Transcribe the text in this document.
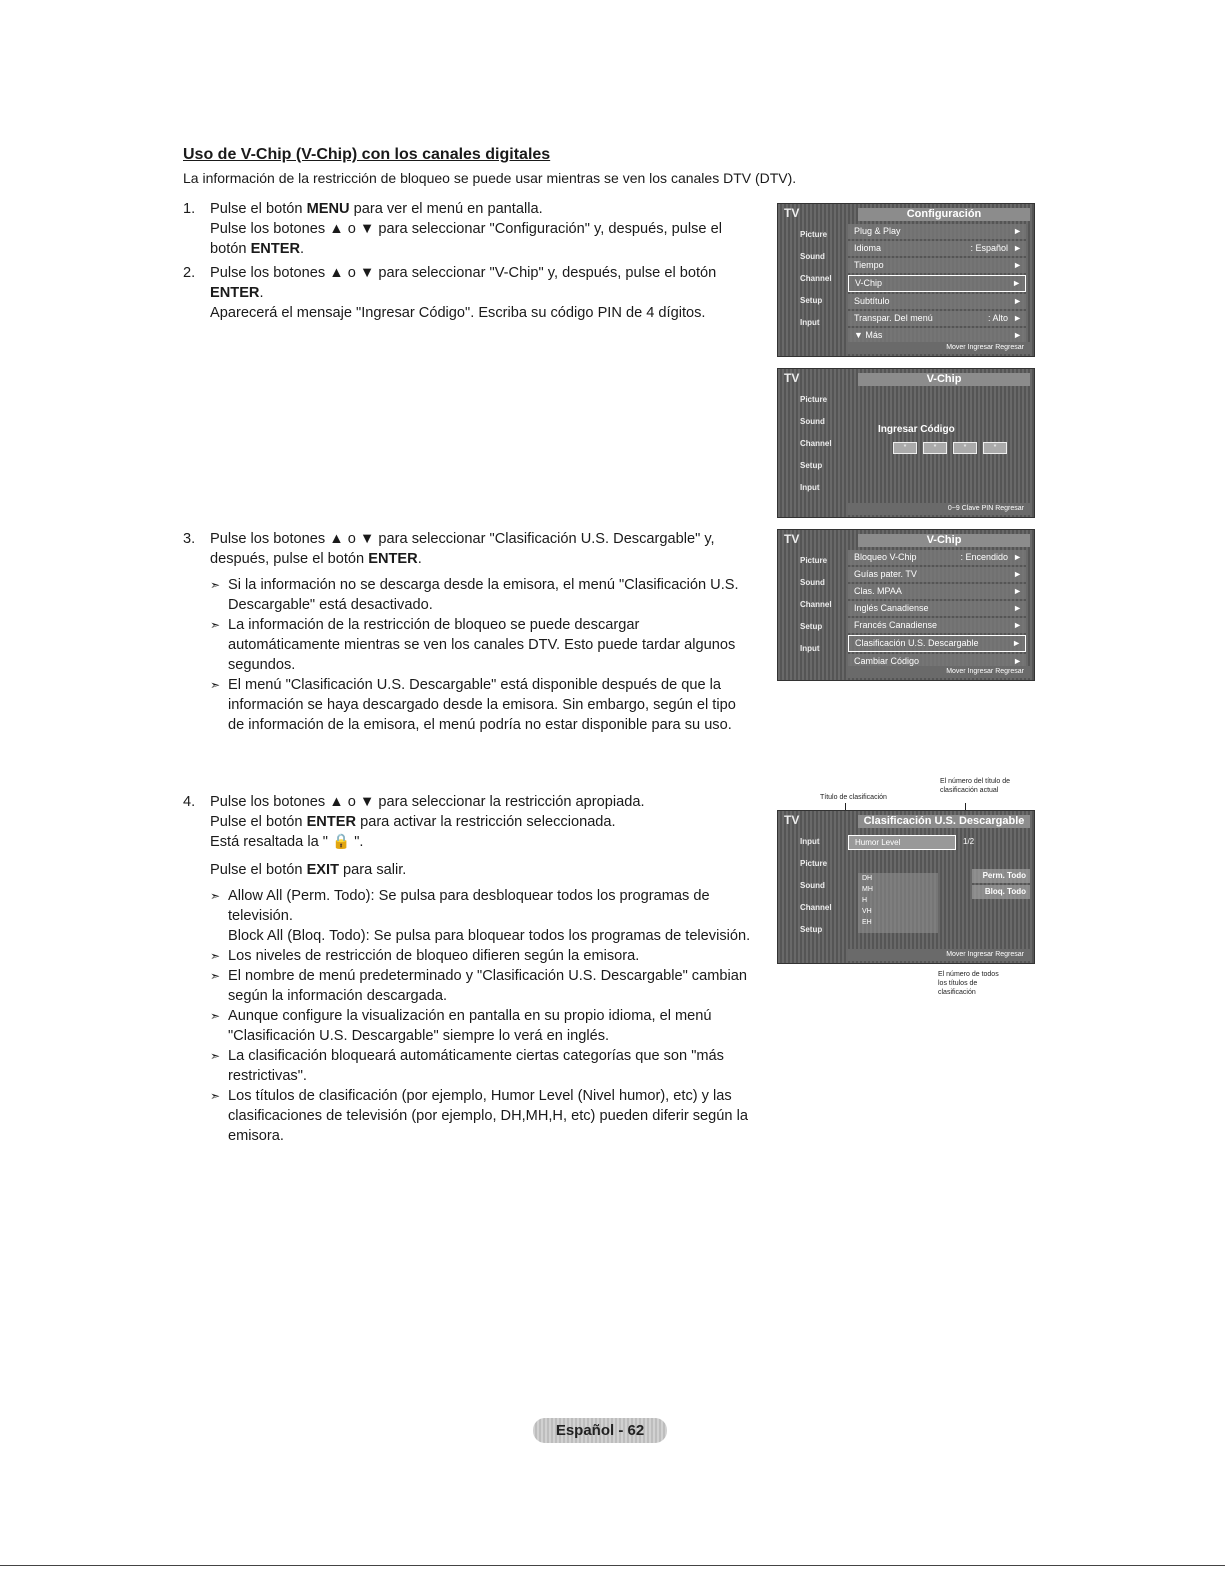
Uso de V-Chip (V-Chip) con los canales digitales
La información de la restricción de bloqueo se puede usar mientras se ven los canales DTV (DTV).
1.	Pulse el botón MENU para ver el menú en pantalla.

Pulse los botones ▲ o ▼ para seleccionar "Configuración" y, después, pulse el botón ENTER.

2.	Pulse los botones ▲ o ▼ para seleccionar "V-Chip" y, después, pulse el botón ENTER.

Aparecerá el mensaje "Ingresar Código". Escriba su código PIN de 4 dígitos.

3.	Pulse los botones ▲ o ▼ para seleccionar "Clasificación U.S. Descargable" y, después, pulse el botón ENTER.

➣ Si la información no se descarga desde la emisora, el menú "Clasificación U.S. Descargable" está desactivado.
➣ La información de la restricción de bloqueo se puede descargar automáticamente mientras se ven los canales DTV. Esto puede tardar algunos segundos.
➣ El menú "Clasificación U.S. Descargable" está disponible después de que la información se haya descargado desde la emisora. Sin embargo, según el tipo de información de la emisora, el menú podría no estar disponible para su uso.
4.	Pulse los botones ▲ o ▼ para seleccionar la restricción apropiada.

Pulse el botón ENTER para activar la restricción seleccionada.

Está resaltada la " 🔒 ".

Pulse el botón EXIT para salir.

➣ Allow All (Perm. Todo): Se pulsa para desbloquear todos los programas de televisión.
Block All (Bloq. Todo): Se pulsa para bloquear todos los programas de televisión.
➣ Los niveles de restricción de bloqueo difieren según la emisora.
➣ El nombre de menú predeterminado y "Clasificación U.S. Descargable" cambian según la información descargada.
➣ Aunque configure la visualización en pantalla en su propio idioma, el menú "Clasificación U.S. Descargable" siempre lo verá en inglés.
➣ La clasificación bloqueará automáticamente ciertas categorías que son "más restrictivas".
➣ Los títulos de clasificación (por ejemplo, Humor Level (Nivel humor), etc) y las clasificaciones de televisión (por ejemplo, DH,MH,H, etc) pueden diferir según la emisora.
TV	Configuración
Picture
Sound
Channel
Setup
Input
Plug & Play	►
Idioma	: Español ►
Tiempo	►
V-Chip	►
Subtítulo	►
Transpar. Del menú	: Alto ►
▼ Más	►
Mover Ingresar Regresar
TV	V-Chip
Picture
Sound
Channel
Setup
Input
Ingresar Código
*	*	*	*
0~9 Clave PIN Regresar
TV	V-Chip
Picture
Sound
Channel
Setup
Input
Bloqueo V-Chip	: Encendido ►
Guías pater. TV	►
Clas. MPAA	►
Inglés Canadiense	►
Francés Canadiense	►
Clasificación U.S. Descargable	►
Cambiar Código	►
Mover Ingresar Regresar
Título de clasificación
El número del título de clasificación actual
El número de todos los títulos de clasificación
TV	Clasificación U.S. Descargable
Input
Picture
Sound
Channel
Setup
Humor Level	1/2
DH
MH
H
VH
EH
Perm. Todo
Bloq. Todo
Mover Ingresar Regresar
Español - 62
